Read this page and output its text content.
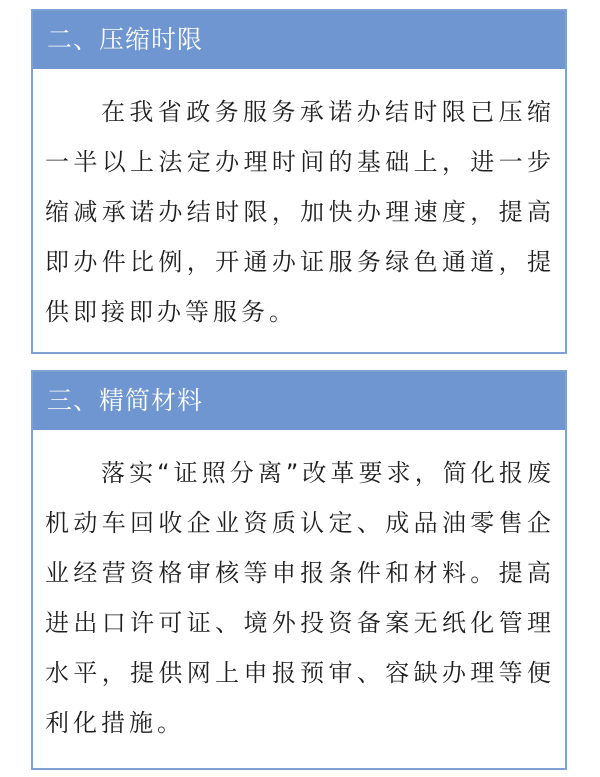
二、压缩时限
在我省政务服务承诺办结时限已压缩一半以上法定办理时间的基础上，进一步缩减承诺办结时限，加快办理速度，提高即办件比例，开通办证服务绿色通道，提供即接即办等服务。
三、精简材料
落实“证照分离”改革要求，简化报废机动车回收企业资质认定、成品油零售企业经营资格审核等申报条件和材料。提高进出口许可证、境外投资备案无纸化管理水平，提供网上申报预审、容缺办理等便利化措施。
